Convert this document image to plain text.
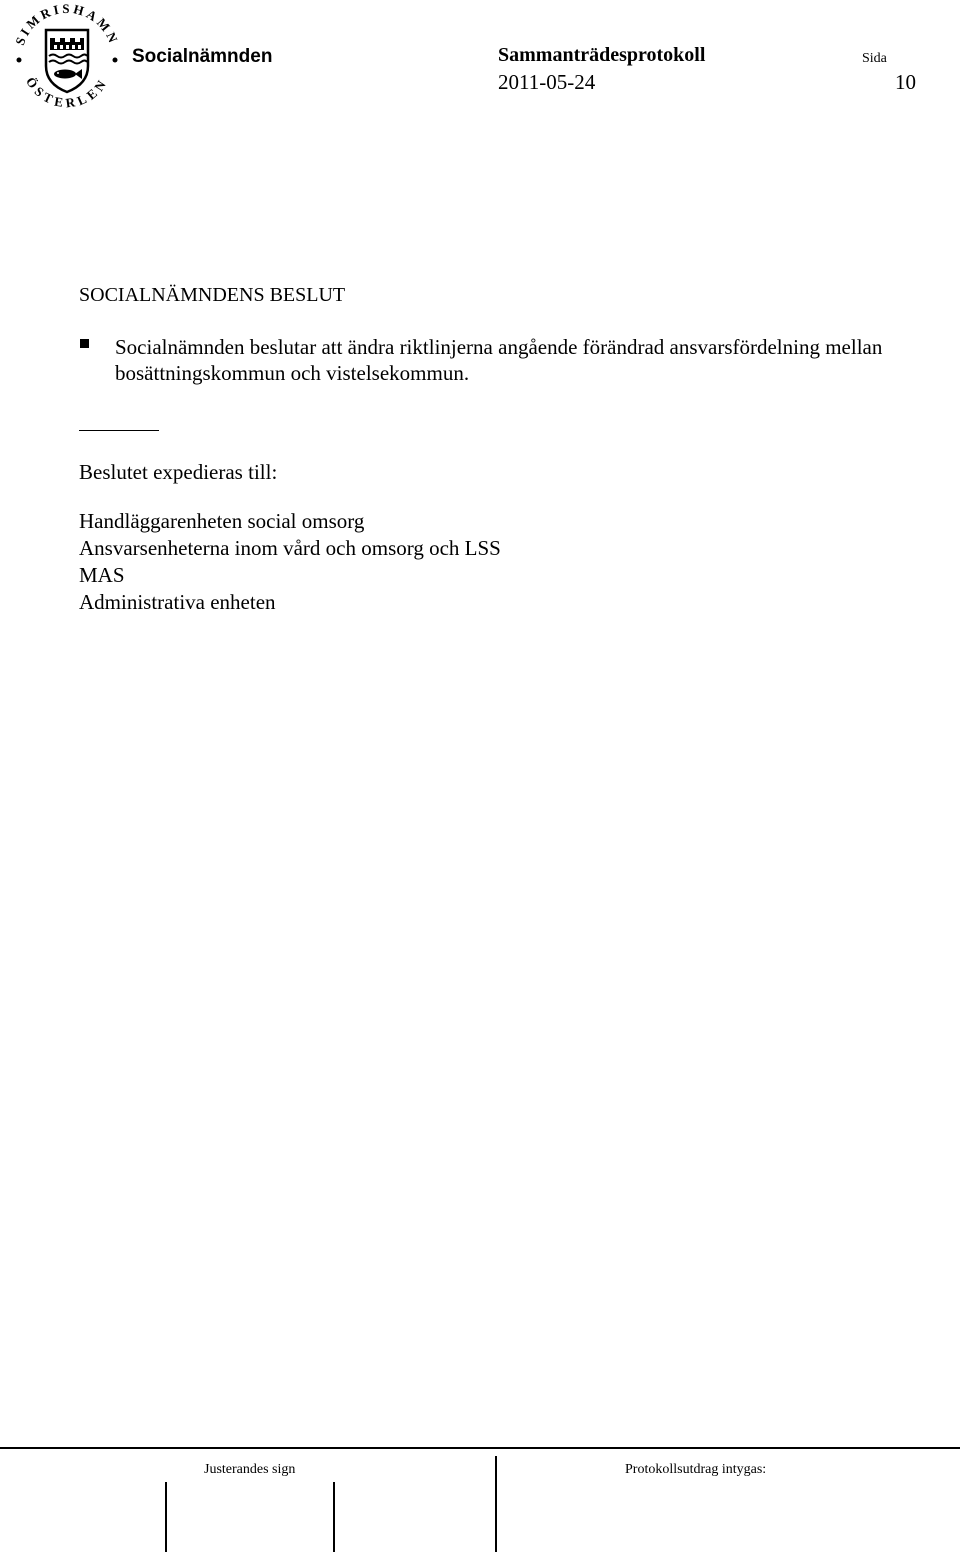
SIMRISHAMN
ÖSTERLEN
Socialnämnden	Sammanträdesprotokoll
2011-05-24
Sida
10
SOCIALNÄMNDENS BESLUT
Socialnämnden beslutar att ändra riktlinjerna angående förändrad ansvarsfördelning mellan bosättningskommun och vistelsekommun.
Beslutet expedieras till:
Handläggarenheten social omsorg
Ansvarsenheterna inom vård och omsorg och LSS
MAS
Administrativa enheten
Justerandes sign	Protokollsutdrag intygas:
